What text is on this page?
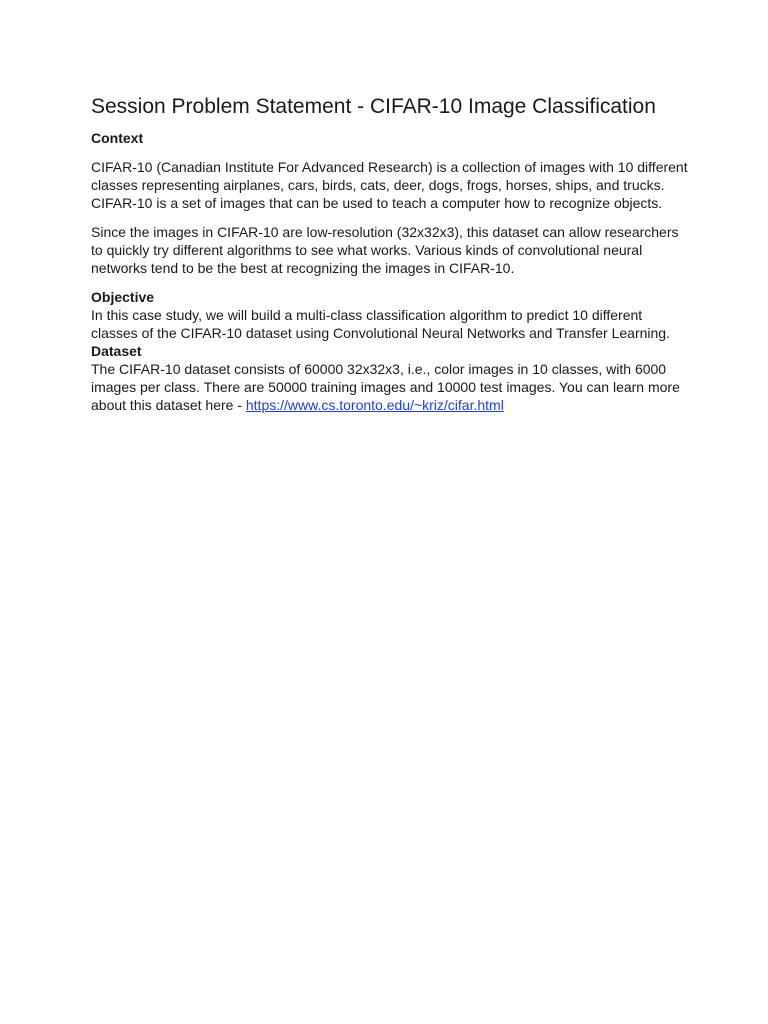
Session Problem Statement - CIFAR-10 Image Classification

Context

CIFAR-10 (Canadian Institute For Advanced Research) is a collection of images with 10 different classes representing airplanes, cars, birds, cats, deer, dogs, frogs, horses, ships, and trucks. CIFAR-10 is a set of images that can be used to teach a computer how to recognize objects.

Since the images in CIFAR-10 are low-resolution (32x32x3), this dataset can allow researchers to quickly try different algorithms to see what works. Various kinds of convolutional neural networks tend to be the best at recognizing the images in CIFAR-10.

Objective

In this case study, we will build a multi-class classification algorithm to predict 10 different classes of the CIFAR-10 dataset using Convolutional Neural Networks and Transfer Learning.

Dataset

The CIFAR-10 dataset consists of 60000 32x32x3, i.e., color images in 10 classes, with 6000 images per class. There are 50000 training images and 10000 test images. You can learn more about this dataset here - https://www.cs.toronto.edu/~kriz/cifar.html
